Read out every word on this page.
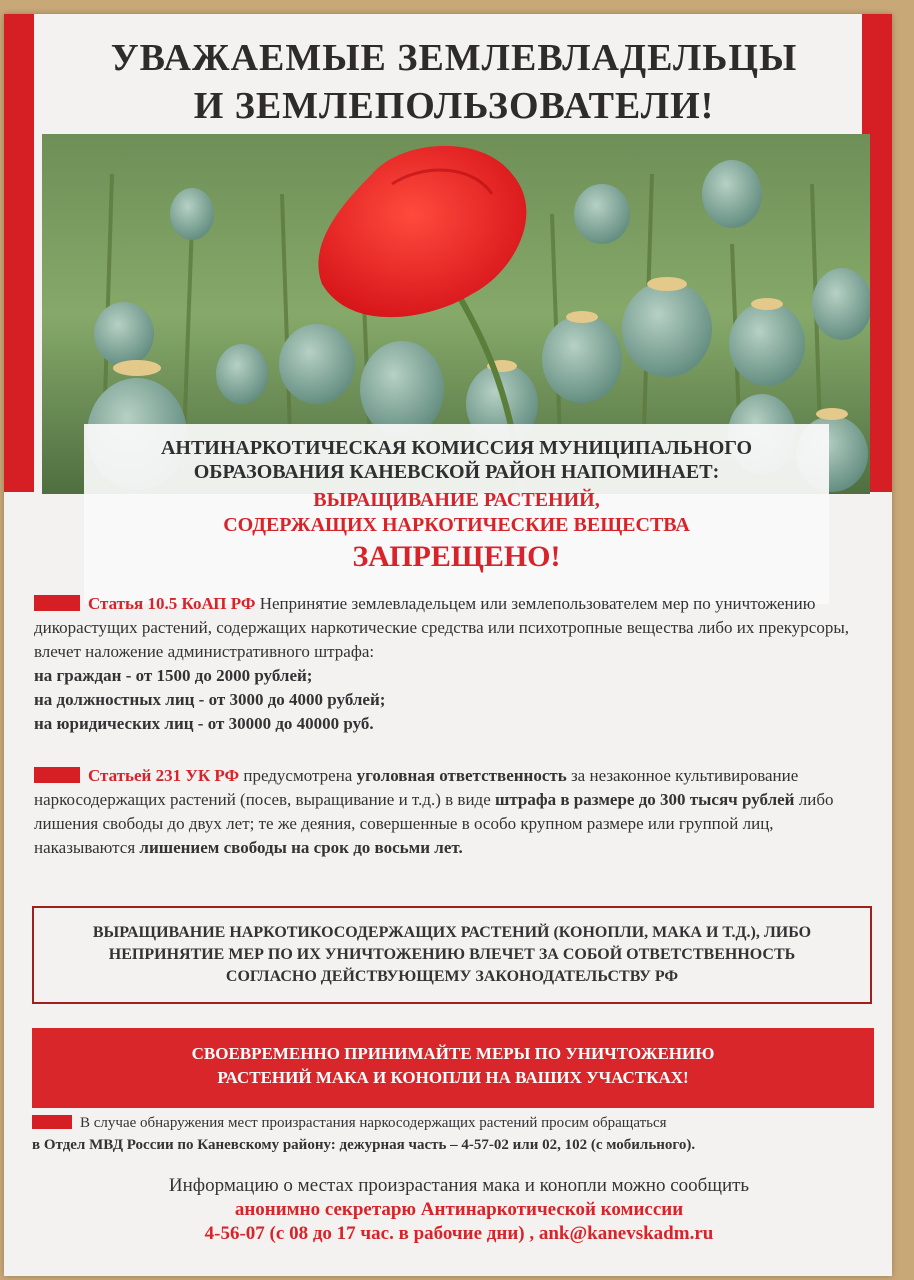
УВАЖАЕМЫЕ ЗЕМЛЕВЛАДЕЛЬЦЫ
И ЗЕМЛЕПОЛЬЗОВАТЕЛИ!
АНТИНАРКОТИЧЕСКАЯ КОМИССИЯ МУНИЦИПАЛЬНОГО
ОБРАЗОВАНИЯ КАНЕВСКОЙ РАЙОН НАПОМИНАЕТ:
ВЫРАЩИВАНИЕ РАСТЕНИЙ,
СОДЕРЖАЩИХ НАРКОТИЧЕСКИЕ ВЕЩЕСТВА
ЗАПРЕЩЕНО!
Статья 10.5 КоАП РФ Непринятие землевладельцем или землепользователем мер по уничтожению дикорастущих растений, содержащих наркотические средства или психотропные вещества либо их прекурсоры, влечет наложение административного штрафа:
на граждан - от 1500 до 2000 рублей;
на должностных лиц - от 3000 до 4000 рублей;
на юридических лиц - от 30000 до 40000 руб.
Статьей 231 УК РФ предусмотрена уголовная ответственность за незаконное культивирование наркосодержащих растений (посев, выращивание и т.д.) в виде штрафа в размере до 300 тысяч рублей либо лишения свободы до двух лет; те же деяния, совершенные в особо крупном размере или группой лиц, наказываются лишением свободы на срок до восьми лет.
ВЫРАЩИВАНИЕ НАРКОТИКОСОДЕРЖАЩИХ РАСТЕНИЙ (КОНОПЛИ, МАКА И Т.Д.), ЛИБО
НЕПРИНЯТИЕ МЕР ПО ИХ УНИЧТОЖЕНИЮ ВЛЕЧЕТ ЗА СОБОЙ ОТВЕТСТВЕННОСТЬ
СОГЛАСНО ДЕЙСТВУЮЩЕМУ ЗАКОНОДАТЕЛЬСТВУ РФ
СВОЕВРЕМЕННО ПРИНИМАЙТЕ МЕРЫ ПО УНИЧТОЖЕНИЮ
РАСТЕНИЙ МАКА И КОНОПЛИ НА ВАШИХ УЧАСТКАХ!
В случае обнаружения мест произрастания наркосодержащих растений просим обращаться
в Отдел МВД России по Каневскому району: дежурная часть – 4-57-02 или 02, 102 (с мобильного).
Информацию о местах произрастания мака и конопли можно сообщить
анонимно секретарю Антинаркотической комиссии
4-56-07 (с 08 до 17 час. в рабочие дни) , ank@kanevskadm.ru
